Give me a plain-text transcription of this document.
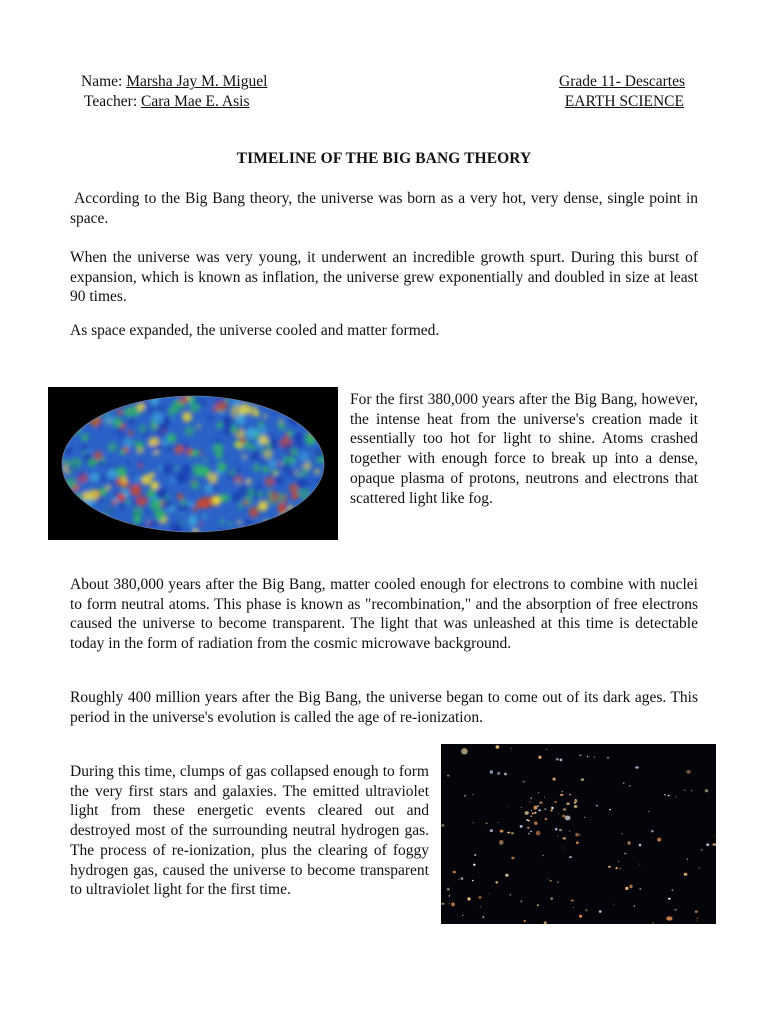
Name: Marsha Jay M. Miguel
Teacher: Cara Mae E. Asis
Grade 11- Descartes
EARTH SCIENCE
TIMELINE OF THE BIG BANG THEORY

According to the Big Bang theory, the universe was born as a very hot, very dense, single point in space.

When the universe was very young, it underwent an incredible growth spurt. During this burst of expansion, which is known as inflation, the universe grew exponentially and doubled in size at least 90 times.

As space expanded, the universe cooled and matter formed.

For the first 380,000 years after the Big Bang, however, the intense heat from the universe's creation made it essentially too hot for light to shine. Atoms crashed together with enough force to break up into a dense, opaque plasma of protons, neutrons and electrons that scattered light like fog.

About 380,000 years after the Big Bang, matter cooled enough for electrons to combine with nuclei to form neutral atoms. This phase is known as "recombination," and the absorption of free electrons caused the universe to become transparent. The light that was unleashed at this time is detectable today in the form of radiation from the cosmic microwave background.

Roughly 400 million years after the Big Bang, the universe began to come out of its dark ages. This period in the universe's evolution is called the age of re-ionization.

During this time, clumps of gas collapsed enough to form the very first stars and galaxies. The emitted ultraviolet light from these energetic events cleared out and destroyed most of the surrounding neutral hydrogen gas. The process of re-ionization, plus the clearing of foggy hydrogen gas, caused the universe to become transparent to ultraviolet light for the first time.
